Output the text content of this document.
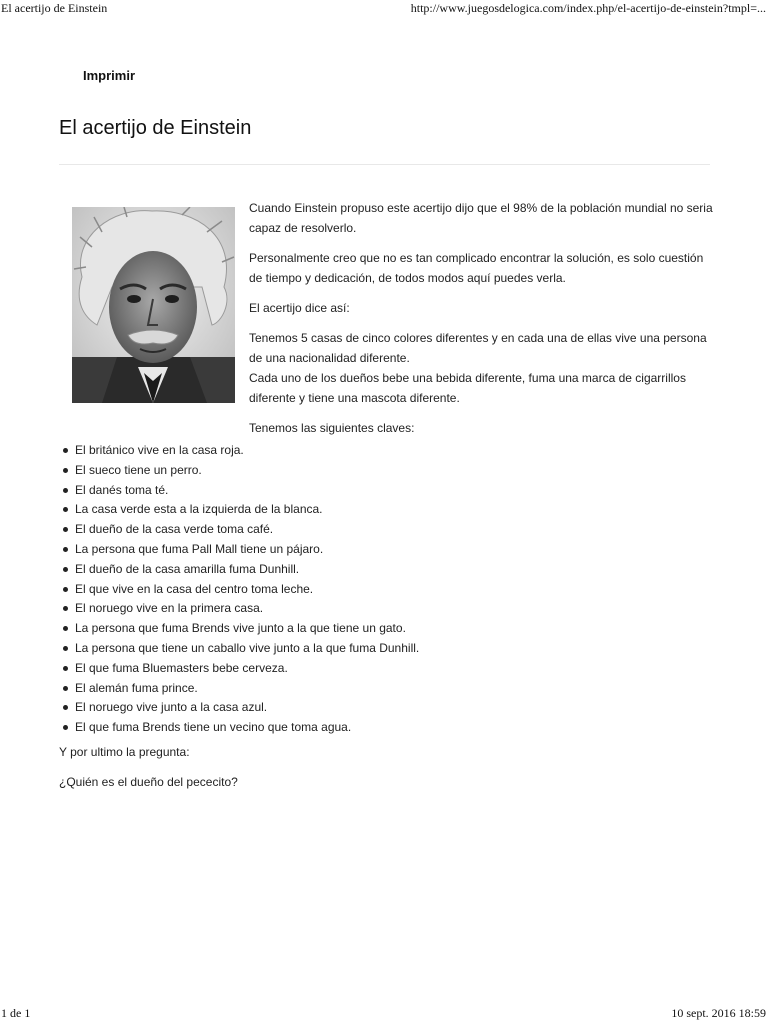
El acertijo de Einstein	http://www.juegosdelogica.com/index.php/el-acertijo-de-einstein?tmpl=...
Imprimir
El acertijo de Einstein

Cuando Einstein propuso este acertijo dijo que el 98% de la población mundial no seria capaz de resolverlo.

Personalmente creo que no es tan complicado encontrar la solución, es solo cuestión de tiempo y dedicación, de todos modos aquí puedes verla.

El acertijo dice así:

Tenemos 5 casas de cinco colores diferentes y en cada una de ellas vive una persona de una nacionalidad diferente.
Cada uno de los dueños bebe una bebida diferente, fuma una marca de cigarrillos diferente y tiene una mascota diferente.

Tenemos las siguientes claves:

El británico vive en la casa roja.
El sueco tiene un perro.
El danés toma té.
La casa verde esta a la izquierda de la blanca.
El dueño de la casa verde toma café.
La persona que fuma Pall Mall tiene un pájaro.
El dueño de la casa amarilla fuma Dunhill.
El que vive en la casa del centro toma leche.
El noruego vive en la primera casa.
La persona que fuma Brends vive junto a la que tiene un gato.
La persona que tiene un caballo vive junto a la que fuma Dunhill.
El que fuma Bluemasters bebe cerveza.
El alemán fuma prince.
El noruego vive junto a la casa azul.
El que fuma Brends tiene un vecino que toma agua.

Y por ultimo la pregunta:

¿Quién es el dueño del pececito?

1 de 1	10 sept. 2016 18:59
